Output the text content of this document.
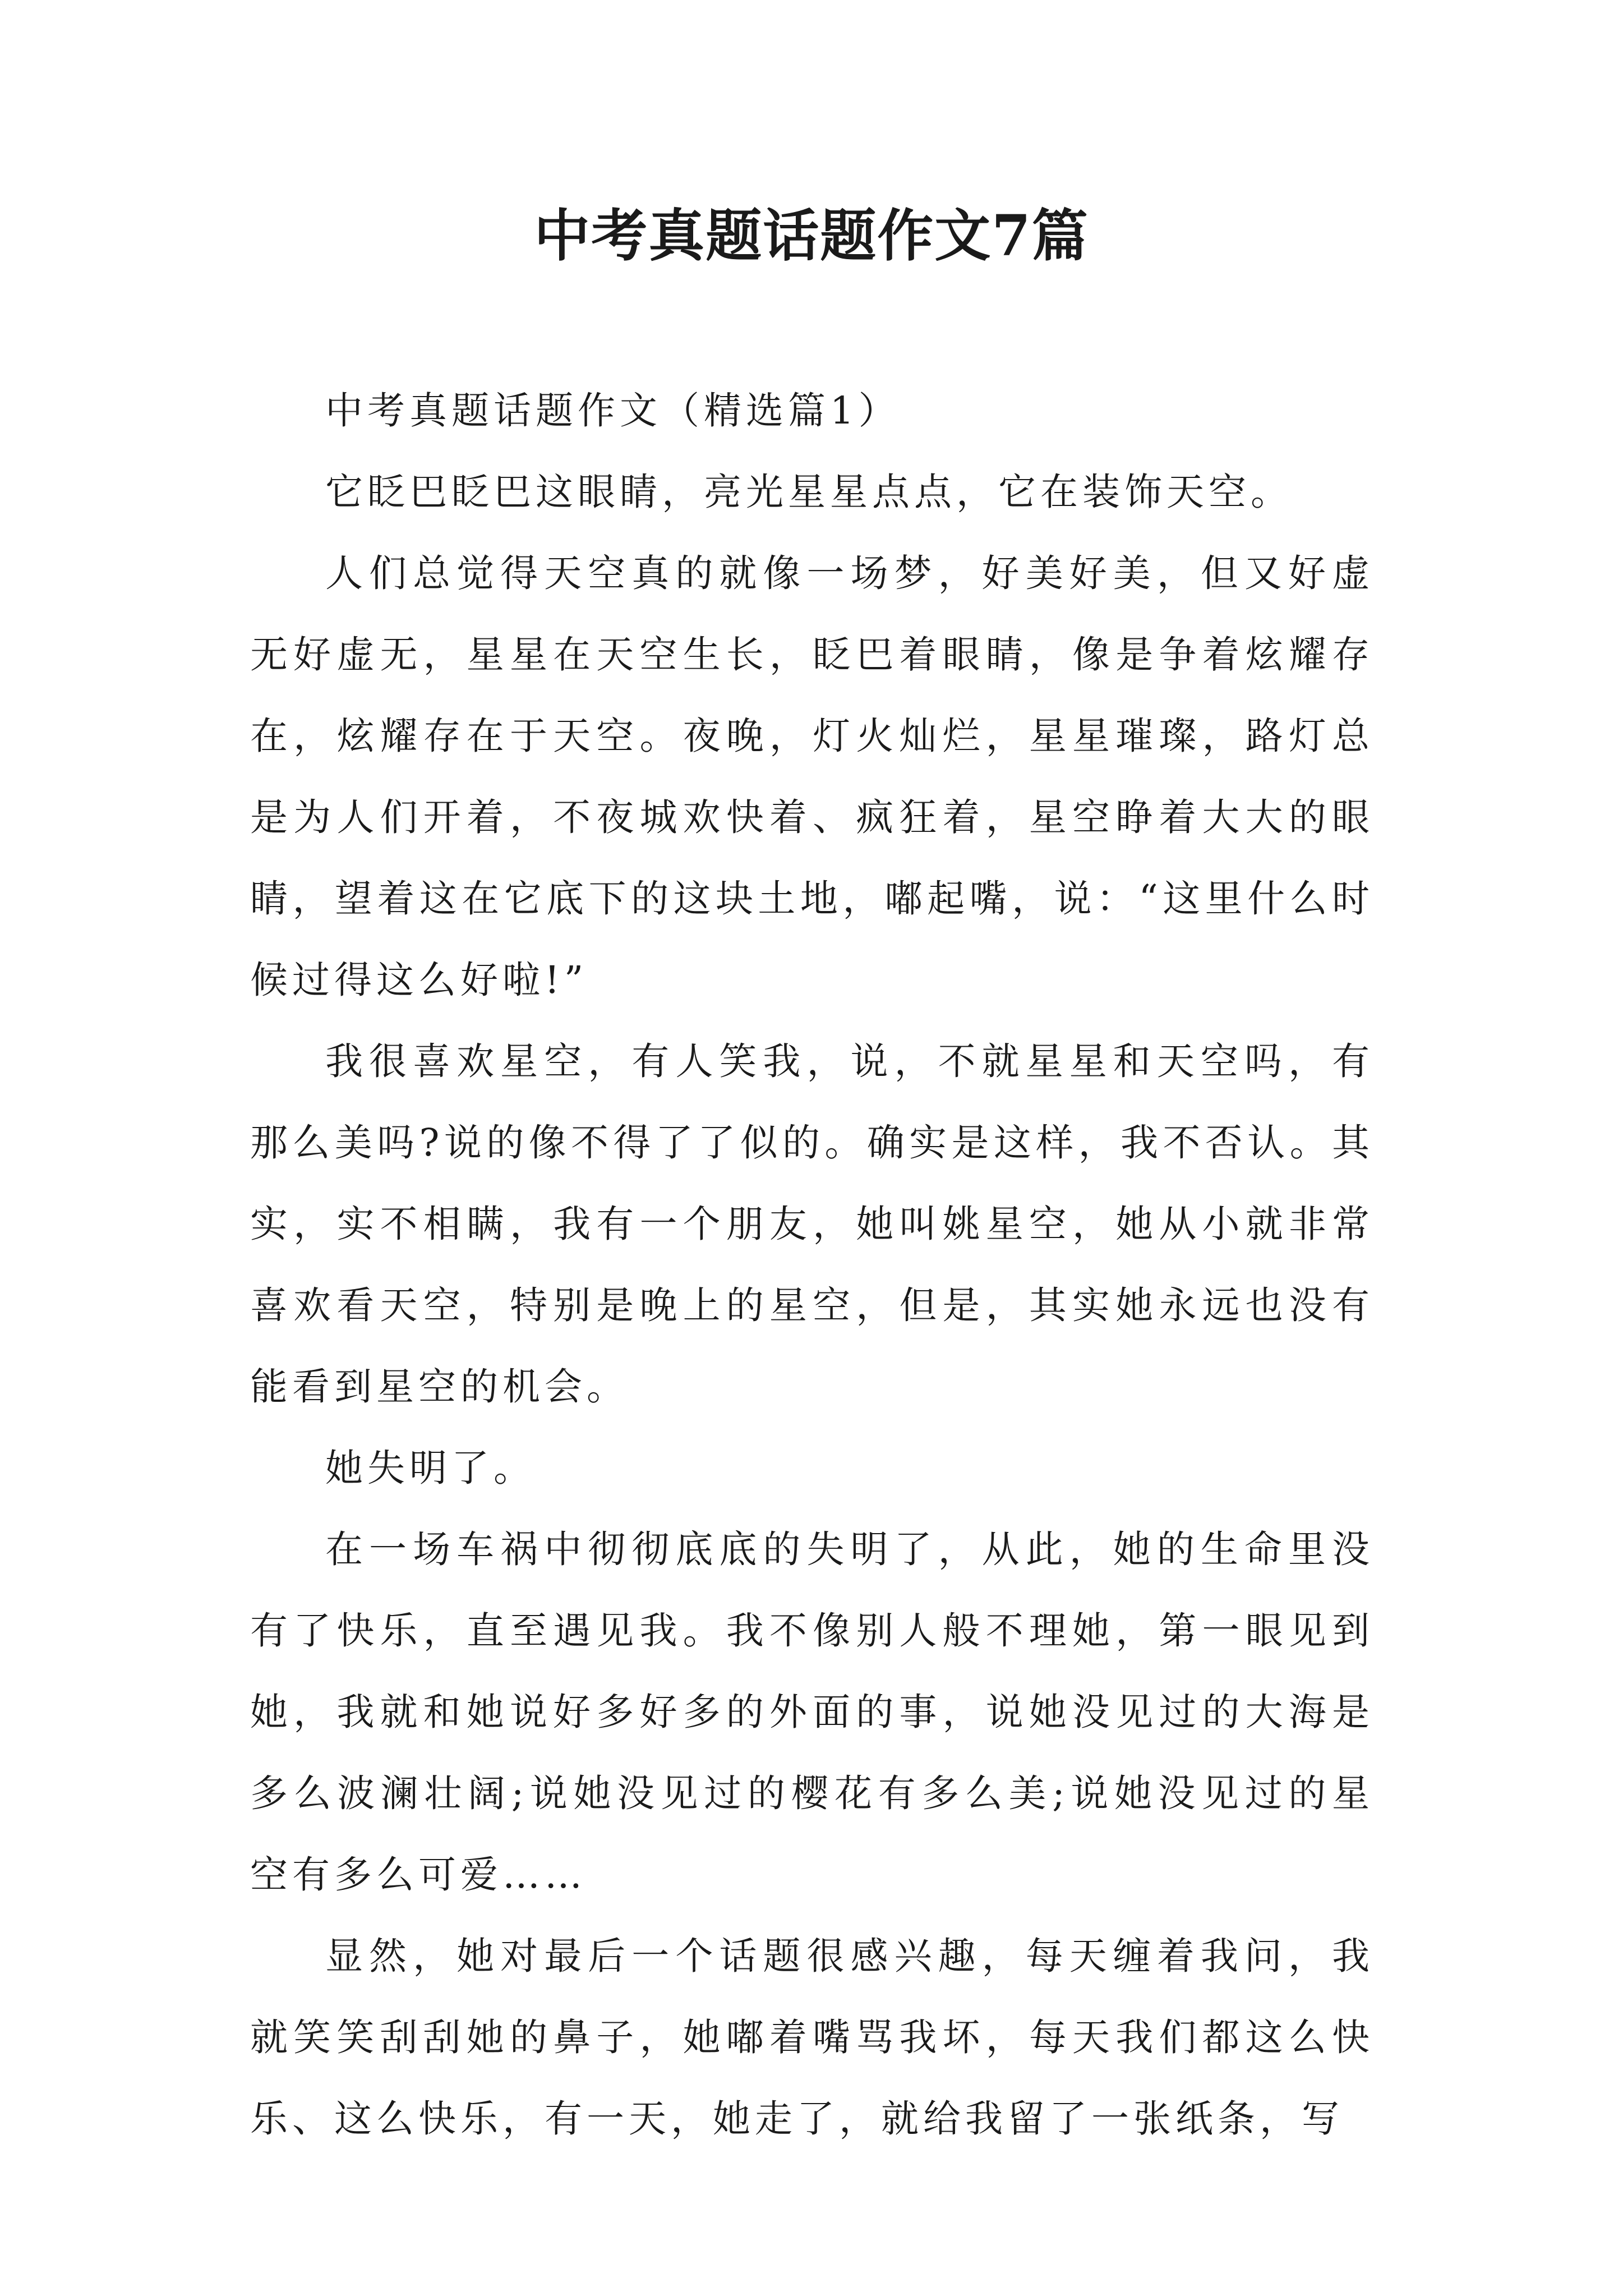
中考真题话题作文7篇

中考真题话题作文（精选篇1）

它眨巴眨巴这眼睛，亮光星星点点，它在装饰天空。

人们总觉得天空真的就像一场梦，好美好美，但又好虚无好虚无，星星在天空生长，眨巴着眼睛，像是争着炫耀存在，炫耀存在于天空。夜晚，灯火灿烂，星星璀璨，路灯总是为人们开着，不夜城欢快着、疯狂着，星空睁着大大的眼睛，望着这在它底下的这块土地，嘟起嘴，说：“这里什么时候过得这么好啦!”

我很喜欢星空，有人笑我，说，不就星星和天空吗，有那么美吗?说的像不得了了似的。确实是这样，我不否认。其实，实不相瞒，我有一个朋友，她叫姚星空，她从小就非常喜欢看天空，特别是晚上的星空，但是，其实她永远也没有能看到星空的机会。

她失明了。

在一场车祸中彻彻底底的失明了，从此，她的生命里没有了快乐，直至遇见我。我不像别人般不理她，第一眼见到她，我就和她说好多好多的外面的事，说她没见过的大海是多么波澜壮阔;说她没见过的樱花有多么美;说她没见过的星空有多么可爱……

显然，她对最后一个话题很感兴趣，每天缠着我问，我就笑笑刮刮她的鼻子，她嘟着嘴骂我坏，每天我们都这么快乐、这么快乐，有一天，她走了，就给我留了一张纸条，写
